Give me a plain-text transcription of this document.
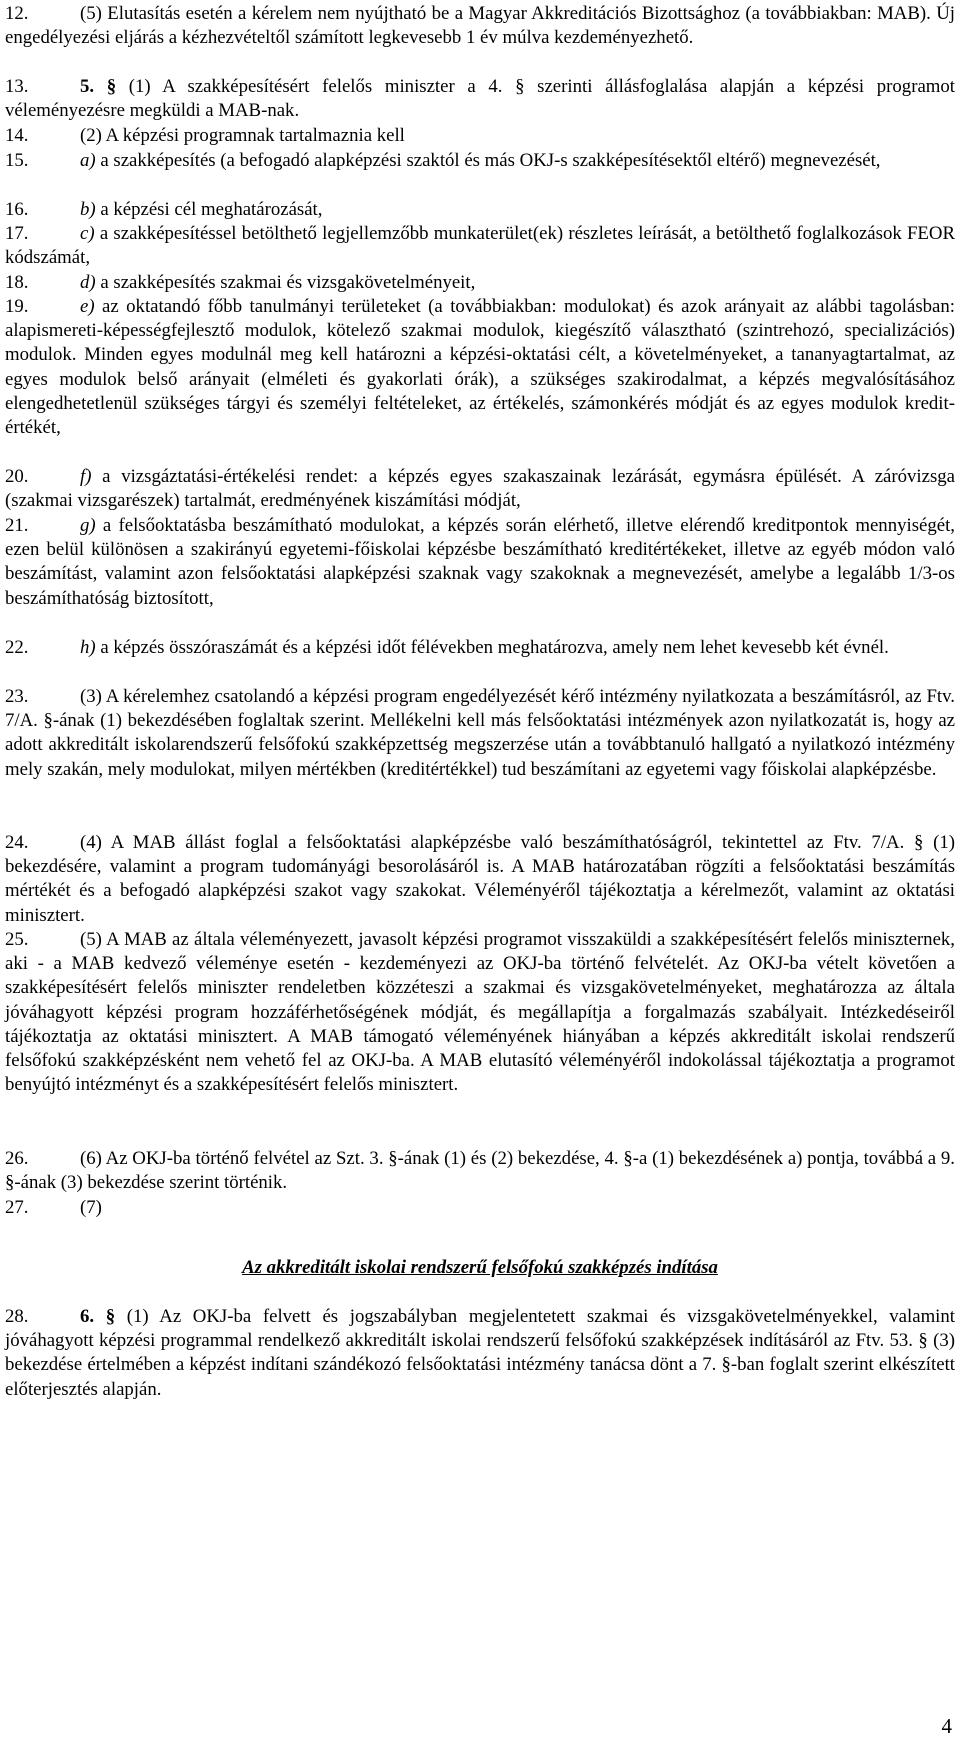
12.	(5) Elutasítás esetén a kérelem nem nyújtható be a Magyar Akkreditációs Bizottsághoz (a továbbiakban: MAB). Új engedélyezési eljárás a kézhezvételtől számított legkevesebb 1 év múlva kezdeményezhető.

13.	5. § (1) A szakképesítésért felelős miniszter a 4. § szerinti állásfoglalása alapján a képzési programot véleményezésre megküldi a MAB-nak.

14.	(2) A képzési programnak tartalmaznia kell

15.	a) a szakképesítés (a befogadó alapképzési szaktól és más OKJ-s szakképesítésektől eltérő) megnevezését,

16.	b) a képzési cél meghatározását,

17.	c) a szakképesítéssel betölthető legjellemzőbb munkaterület(ek) részletes leírását, a betölthető foglalkozások FEOR kódszámát,

18.	d) a szakképesítés szakmai és vizsgakövetelményeit,

19.	e) az oktatandó főbb tanulmányi területeket (a továbbiakban: modulokat) és azok arányait az alábbi tagolásban: alapismereti-képességfejlesztő modulok, kötelező szakmai modulok, kiegészítő választható (szintrehozó, specializációs) modulok. Minden egyes modulnál meg kell határozni a képzési-oktatási célt, a követelményeket, a tananyagtartalmat, az egyes modulok belső arányait (elméleti és gyakorlati órák), a szükséges szakirodalmat, a képzés megvalósításához elengedhetetlenül szükséges tárgyi és személyi feltételeket, az értékelés, számonkérés módját és az egyes modulok kredit-értékét,

20.	f) a vizsgáztatási-értékelési rendet: a képzés egyes szakaszainak lezárását, egymásra épülését. A záróvizsga (szakmai vizsgarészek) tartalmát, eredményének kiszámítási módját,

21.	g) a felsőoktatásba beszámítható modulokat, a képzés során elérhető, illetve elérendő kreditpontok mennyiségét, ezen belül különösen a szakirányú egyetemi-főiskolai képzésbe beszámítható kreditértékeket, illetve az egyéb módon való beszámítást, valamint azon felsőoktatási alapképzési szaknak vagy szakoknak a megnevezését, amelybe a legalább 1/3-os beszámíthatóság biztosított,

22.	h) a képzés összóraszámát és a képzési időt félévekben meghatározva, amely nem lehet kevesebb két évnél.

23.	(3) A kérelemhez csatolandó a képzési program engedélyezését kérő intézmény nyilatkozata a beszámításról, az Ftv. 7/A. §-ának (1) bekezdésében foglaltak szerint. Mellékelni kell más felsőoktatási intézmények azon nyilatkozatát is, hogy az adott akkreditált iskolarendszerű felsőfokú szakképzettség megszerzése után a továbbtanuló hallgató a nyilatkozó intézmény mely szakán, mely modulokat, milyen mértékben (kreditértékkel) tud beszámítani az egyetemi vagy főiskolai alapképzésbe.

24.	(4) A MAB állást foglal a felsőoktatási alapképzésbe való beszámíthatóságról, tekintettel az Ftv. 7/A. § (1) bekezdésére, valamint a program tudományági besorolásáról is. A MAB határozatában rögzíti a felsőoktatási beszámítás mértékét és a befogadó alapképzési szakot vagy szakokat. Véleményéről tájékoztatja a kérelmezőt, valamint az oktatási minisztert.

25.	(5) A MAB az általa véleményezett, javasolt képzési programot visszaküldi a szakképesítésért felelős miniszternek, aki - a MAB kedvező véleménye esetén - kezdeményezi az OKJ-ba történő felvételét. Az OKJ-ba vételt követően a szakképesítésért felelős miniszter rendeletben közzéteszi a szakmai és vizsgakövetelményeket, meghatározza az általa jóváhagyott képzési program hozzáférhetőségének módját, és megállapítja a forgalmazás szabályait. Intézkedéseiről tájékoztatja az oktatási minisztert. A MAB támogató véleményének hiányában a képzés akkreditált iskolai rendszerű felsőfokú szakképzésként nem vehető fel az OKJ-ba. A MAB elutasító véleményéről indokolással tájékoztatja a programot benyújtó intézményt és a szakképesítésért felelős minisztert.

26.	(6) Az OKJ-ba történő felvétel az Szt. 3. §-ának (1) és (2) bekezdése, 4. §-a (1) bekezdésének a) pontja, továbbá a 9. §-ának (3) bekezdése szerint történik.

27.	(7)

Az akkreditált iskolai rendszerű felsőfokú szakképzés indítása

28.	6. § (1) Az OKJ-ba felvett és jogszabályban megjelentetett szakmai és vizsgakövetelményekkel, valamint jóváhagyott képzési programmal rendelkező akkreditált iskolai rendszerű felsőfokú szakképzések indításáról az Ftv. 53. § (3) bekezdése értelmében a képzést indítani szándékozó felsőoktatási intézmény tanácsa dönt a 7. §-ban foglalt szerint elkészített előterjesztés alapján.

4
